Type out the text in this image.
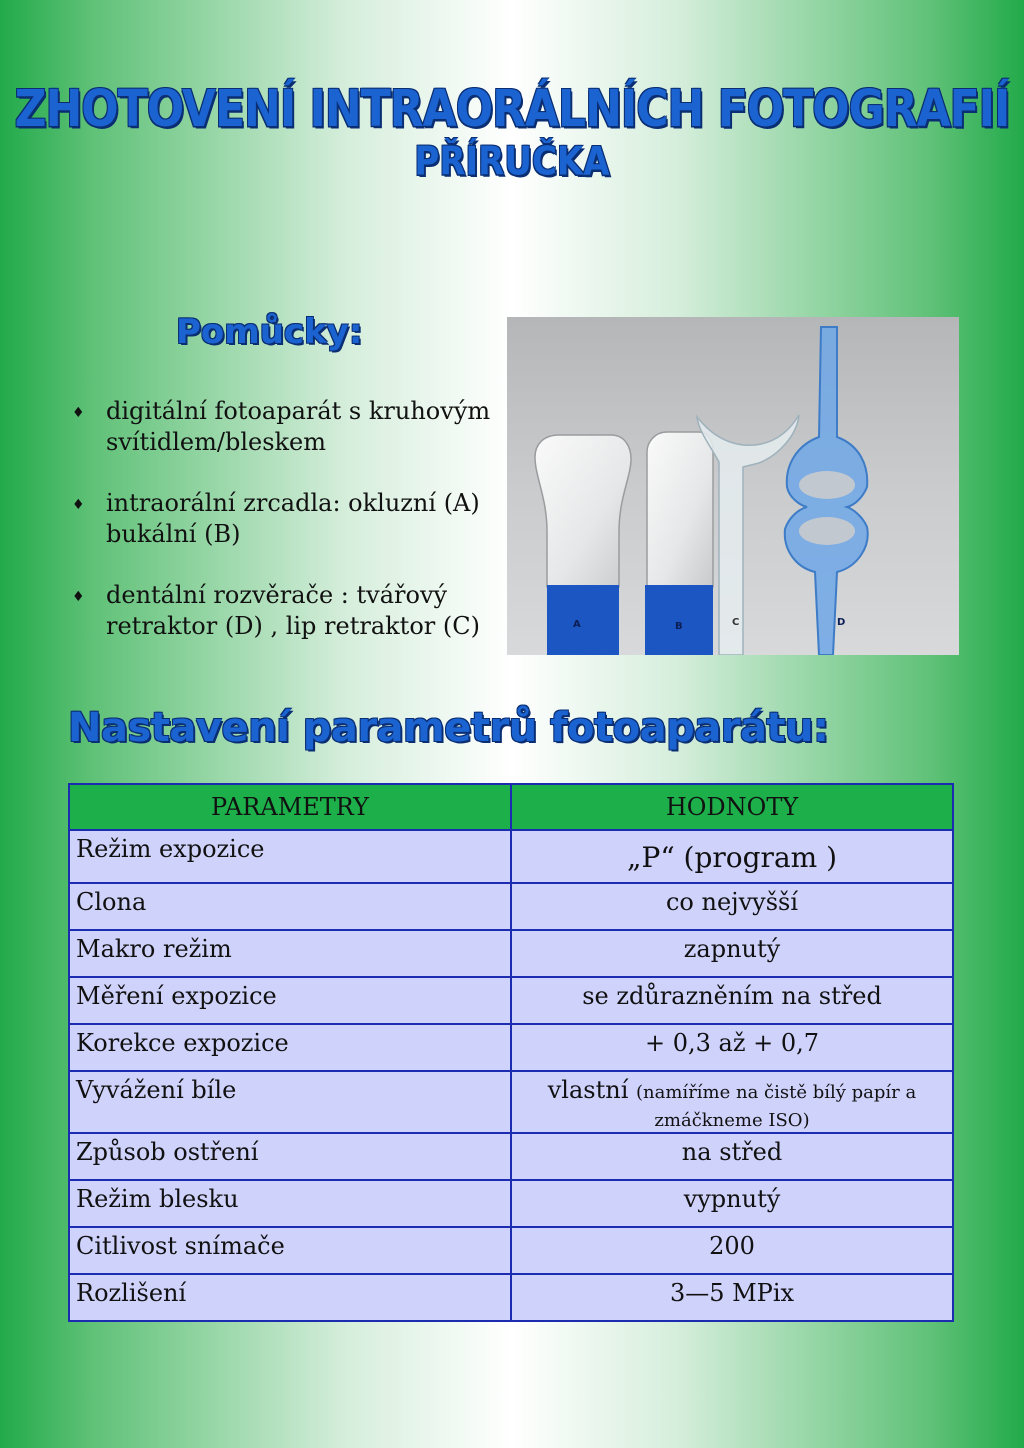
ZHOTOVENÍ INTRAORÁLNÍCH FOTOGRAFIÍ
PŘÍRUČKA
Pomůcky:
♦ digitální fotoaparát s kruhovým svítidlem/bleskem
♦ intraorální zrcadla: okluzní (A) bukální (B)
♦ dentální rozvěrače : tvářový retraktor (D) , lip retraktor (C)	A	B	C	D
Nastavení parametrů fotoaparátu:
PARAMETRY	HODNOTY
Režim expozice	„P“ (program )
Clona	co nejvyšší
Makro režim	zapnutý
Měření expozice	se zdůrazněním na střed
Korekce expozice	+ 0,3 až + 0,7
Vyvážení bíle	vlastní (namíříme na čistě bílý papír a zmáčkneme ISO)
Způsob ostření	na střed
Režim blesku	vypnutý
Citlivost snímače	200
Rozlišení	3—5 MPix
